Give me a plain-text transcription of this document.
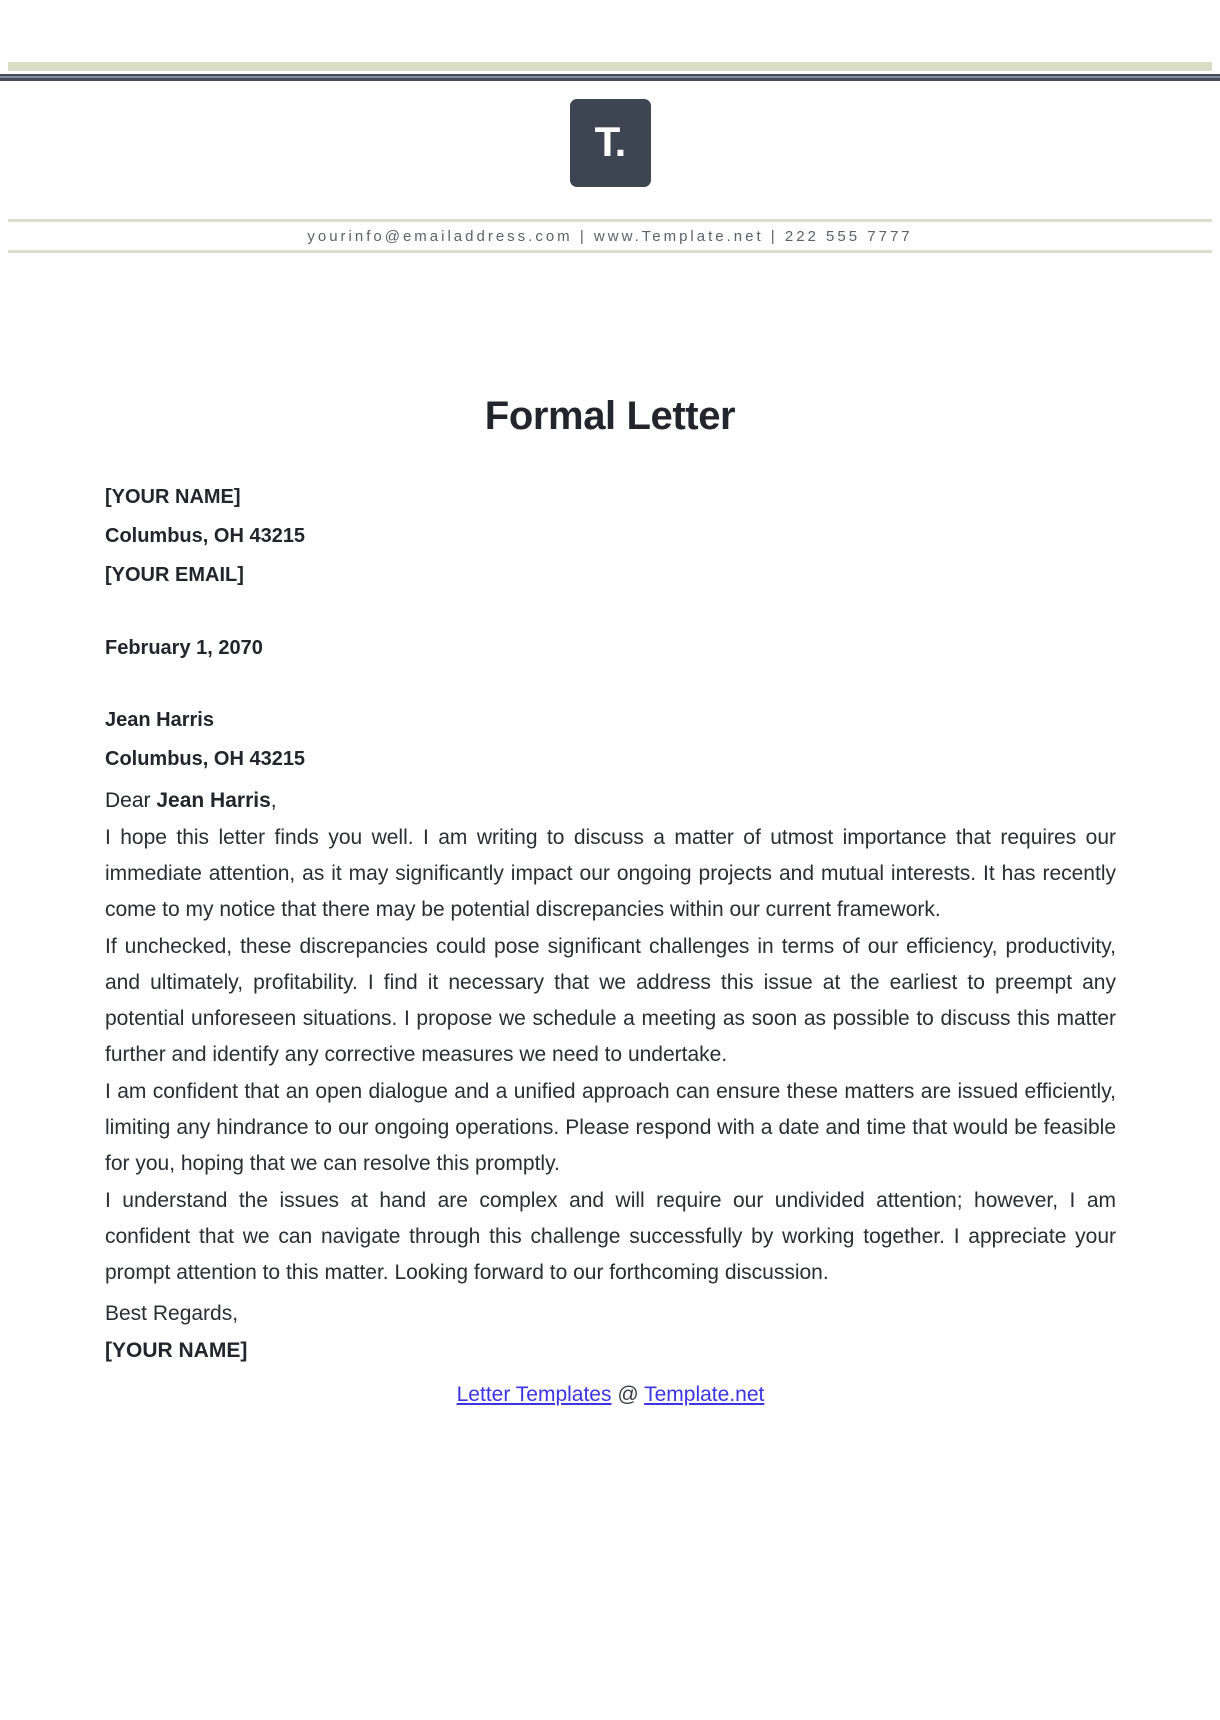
T.
yourinfo@emailaddress.com | www.Template.net | 222 555 7777
Formal Letter
[YOUR NAME]
Columbus, OH 43215
[YOUR EMAIL]
February 1, 2070
Jean Harris
Columbus, OH 43215
Dear Jean Harris,

I hope this letter finds you well. I am writing to discuss a matter of utmost importance that requires our immediate attention, as it may significantly impact our ongoing projects and mutual interests. It has recently come to my notice that there may be potential discrepancies within our current framework.

If unchecked, these discrepancies could pose significant challenges in terms of our efficiency, productivity, and ultimately, profitability. I find it necessary that we address this issue at the earliest to preempt any potential unforeseen situations. I propose we schedule a meeting as soon as possible to discuss this matter further and identify any corrective measures we need to undertake.

I am confident that an open dialogue and a unified approach can ensure these matters are issued efficiently, limiting any hindrance to our ongoing operations. Please respond with a date and time that would be feasible for you, hoping that we can resolve this promptly.

I understand the issues at hand are complex and will require our undivided attention; however, I am confident that we can navigate through this challenge successfully by working together. I appreciate your prompt attention to this matter. Looking forward to our forthcoming discussion.

Best Regards,
[YOUR NAME]
Letter Templates @ Template.net
